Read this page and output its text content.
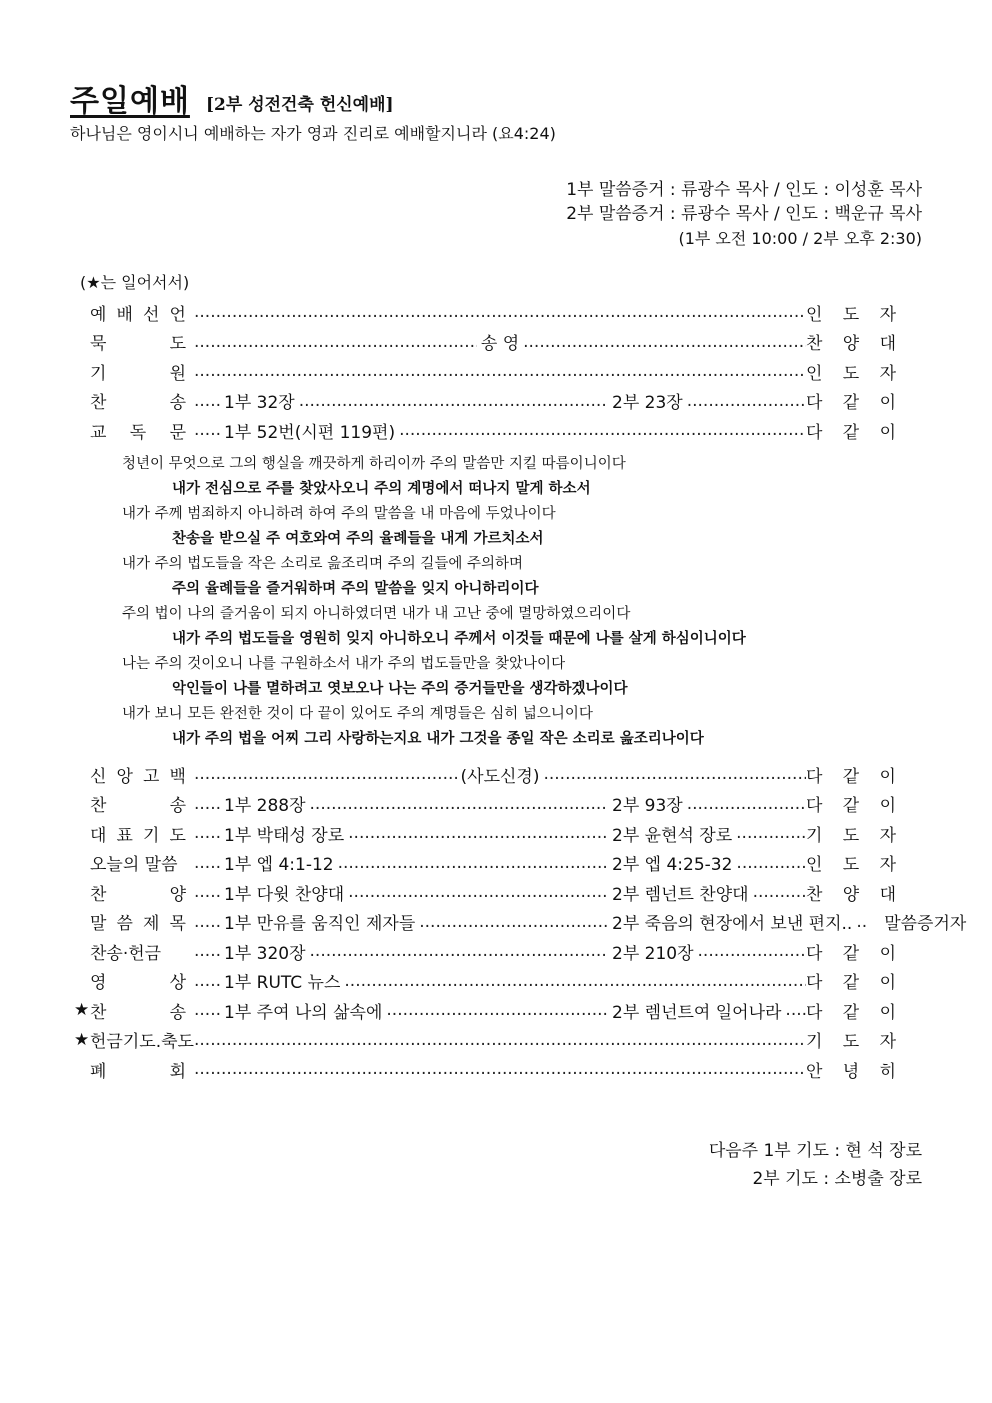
주일예배 [2부 성전건축 헌신예배]
하나님은 영이시니 예배하는 자가 영과 진리로 예배할지니라 (요4:24)
1부 말씀증거 : 류광수 목사 / 인도 : 이성훈 목사
2부 말씀증거 : 류광수 목사 / 인도 : 백운규 목사
(1부 오전 10:00 / 2부 오후 2:30)
(★는 일어서서)
예 배 선 언 .....	인 도 자
묵	도 .....	송 영 .....	찬 양 대
기	원 .....	인 도 자
찬	송 ..... 1부 32장 .....	2부 23장 .....	다 같 이
교 독 문 ..... 1부 52번(시편 119편) .....	다 같 이
청년이 무엇으로 그의 행실을 깨끗하게 하리이까 주의 말씀만 지킬 따름이니이다
내가 전심으로 주를 찾았사오니 주의 계명에서 떠나지 말게 하소서
내가 주께 범죄하지 아니하려 하여 주의 말씀을 내 마음에 두었나이다
찬송을 받으실 주 여호와여 주의 율례들을 내게 가르치소서
내가 주의 법도들을 작은 소리로 읊조리며 주의 길들에 주의하며
주의 율례들을 즐거워하며 주의 말씀을 잊지 아니하리이다
주의 법이 나의 즐거움이 되지 아니하였더면 내가 내 고난 중에 멸망하였으리이다
내가 주의 법도들을 영원히 잊지 아니하오니 주께서 이것들 때문에 나를 살게 하심이니이다
나는 주의 것이오니 나를 구원하소서 내가 주의 법도들만을 찾았나이다
악인들이 나를 멸하려고 엿보오나 나는 주의 증거들만을 생각하겠나이다
내가 보니 모든 완전한 것이 다 끝이 있어도 주의 계명들은 심히 넓으니이다
내가 주의 법을 어찌 그리 사랑하는지요 내가 그것을 종일 작은 소리로 읊조리나이다
신 앙 고 백 .....	(사도신경) .....	다 같 이
찬	송 ..... 1부 288장 .....	2부 93장 .....	다 같 이
대 표 기 도 ..... 1부 박태성 장로 .....	2부 윤현석 장로 .....	기 도 자
오늘의 말씀 .....	1부 엡 4:1-12 .....	2부 엡 4:25-32 .....	인 도 자
찬	양 ..... 1부 다윗 찬양대 .....	2부 렘넌트 찬양대 .....	찬 양 대
말 씀 제 목 ..... 1부 만유를 움직인 제자들 .....	2부 죽음의 현장에서 보낸 편지.. ..... 말씀증거자
찬송·헌금 .....	1부 320장 .....	2부 210장 .....	다 같 이
영	상 ..... 1부 RUTC 뉴스 .....	다 같 이
★ 찬	송 ..... 1부 주여 나의 삶속에 .....	2부 렘넌트여 일어나라 ..... 다 같 이
★ 헌금기도.축도 .....	기 도 자
폐	회 .....	안 녕 히
다음주 1부 기도 : 현 석 장로
2부 기도 : 소병출 장로
